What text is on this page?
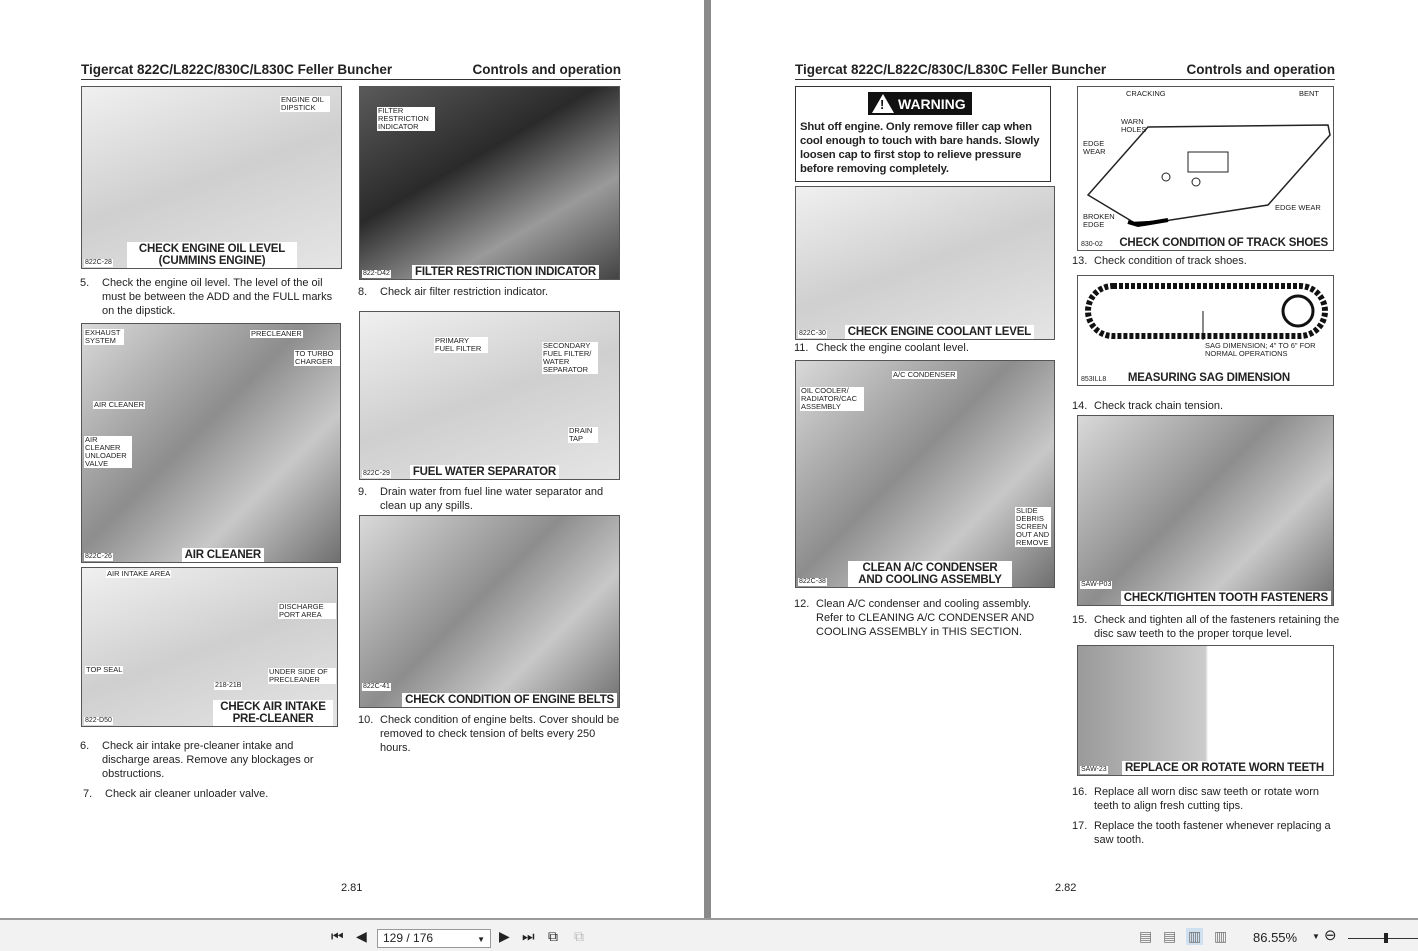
Tigercat 822C/L822C/830C/L830C Feller Buncher	Controls and operation
ENGINE OIL DIPSTICK
822C-28
CHECK ENGINE OIL LEVEL (CUMMINS ENGINE)
FILTER RESTRICTION INDICATOR
822-D42 FILTER RESTRICTION INDICATOR
5. Check the engine oil level. The level of the oil must be between the ADD and the FULL marks on the dipstick.
8. Check air filter restriction indicator.
EXHAUST SYSTEM
PRECLEANER
TO TURBO CHARGER
AIR CLEANER
AIR CLEANER UNLOADER VALVE
822C-26	AIR CLEANER
PRIMARY FUEL FILTER	SECONDARY FUEL FILTER/ WATER SEPARATOR
DRAIN TAP
822C-29 FUEL WATER SEPARATOR
9. Drain water from fuel line water separator and clean up any spills.
AIR INTAKE AREA
TOP SEAL
DISCHARGE PORT AREA
UNDER SIDE OF PRECLEANER
218-21B
822-D50
CHECK AIR INTAKE PRE-CLEANER
822C-41
CHECK CONDITION OF ENGINE BELTS
10. Check condition of engine belts. Cover should be removed to check tension of belts every 250 hours.
6. Check air intake pre-cleaner intake and discharge areas. Remove any blockages or obstructions.
7. Check air cleaner unloader valve.
2.81
Tigercat 822C/L822C/830C/L830C Feller Buncher	Controls and operation
!
WARNING
Shut off engine. Only remove filler cap when cool enough to touch with bare hands. Slowly loosen cap to first stop to relieve pressure before removing completely.
822C-30 CHECK ENGINE COOLANT LEVEL
11. Check the engine coolant level.
A/C CONDENSER
OIL COOLER/ RADIATOR/CAC ASSEMBLY
SLIDE DEBRIS SCREEN OUT AND REMOVE
822C-38
CLEAN A/C CONDENSER AND COOLING ASSEMBLY
12. Clean A/C condenser and cooling assembly. Refer to CLEANING A/C CONDENSER AND COOLING ASSEMBLY in THIS SECTION.
CRACKING	BENT
WARN HOLES
EDGE WEAR
EDGE WEAR
BROKEN EDGE
830-02 CHECK CONDITION OF TRACK SHOES
13. Check condition of track shoes.
SAG DIMENSION; 4" TO 6" FOR NORMAL OPERATIONS
853ILL8 MEASURING SAG DIMENSION
14. Check track chain tension.
SAW-P03
CHECK/TIGHTEN TOOTH FASTENERS
15. Check and tighten all of the fasteners retaining the disc saw teeth to the proper torque level.
SAW-23 REPLACE OR ROTATE WORN TEETH
16. Replace all worn disc saw teeth or rotate worn teeth to align fresh cutting tips.
17. Replace the tooth fastener whenever replacing a saw tooth.
2.82
⏮ ◀ 129 / 176	▼ ▶ ⏭ ⧉ ⧉	▤ ▤ ▥ ▥ 86.55% ▼ ⊖
